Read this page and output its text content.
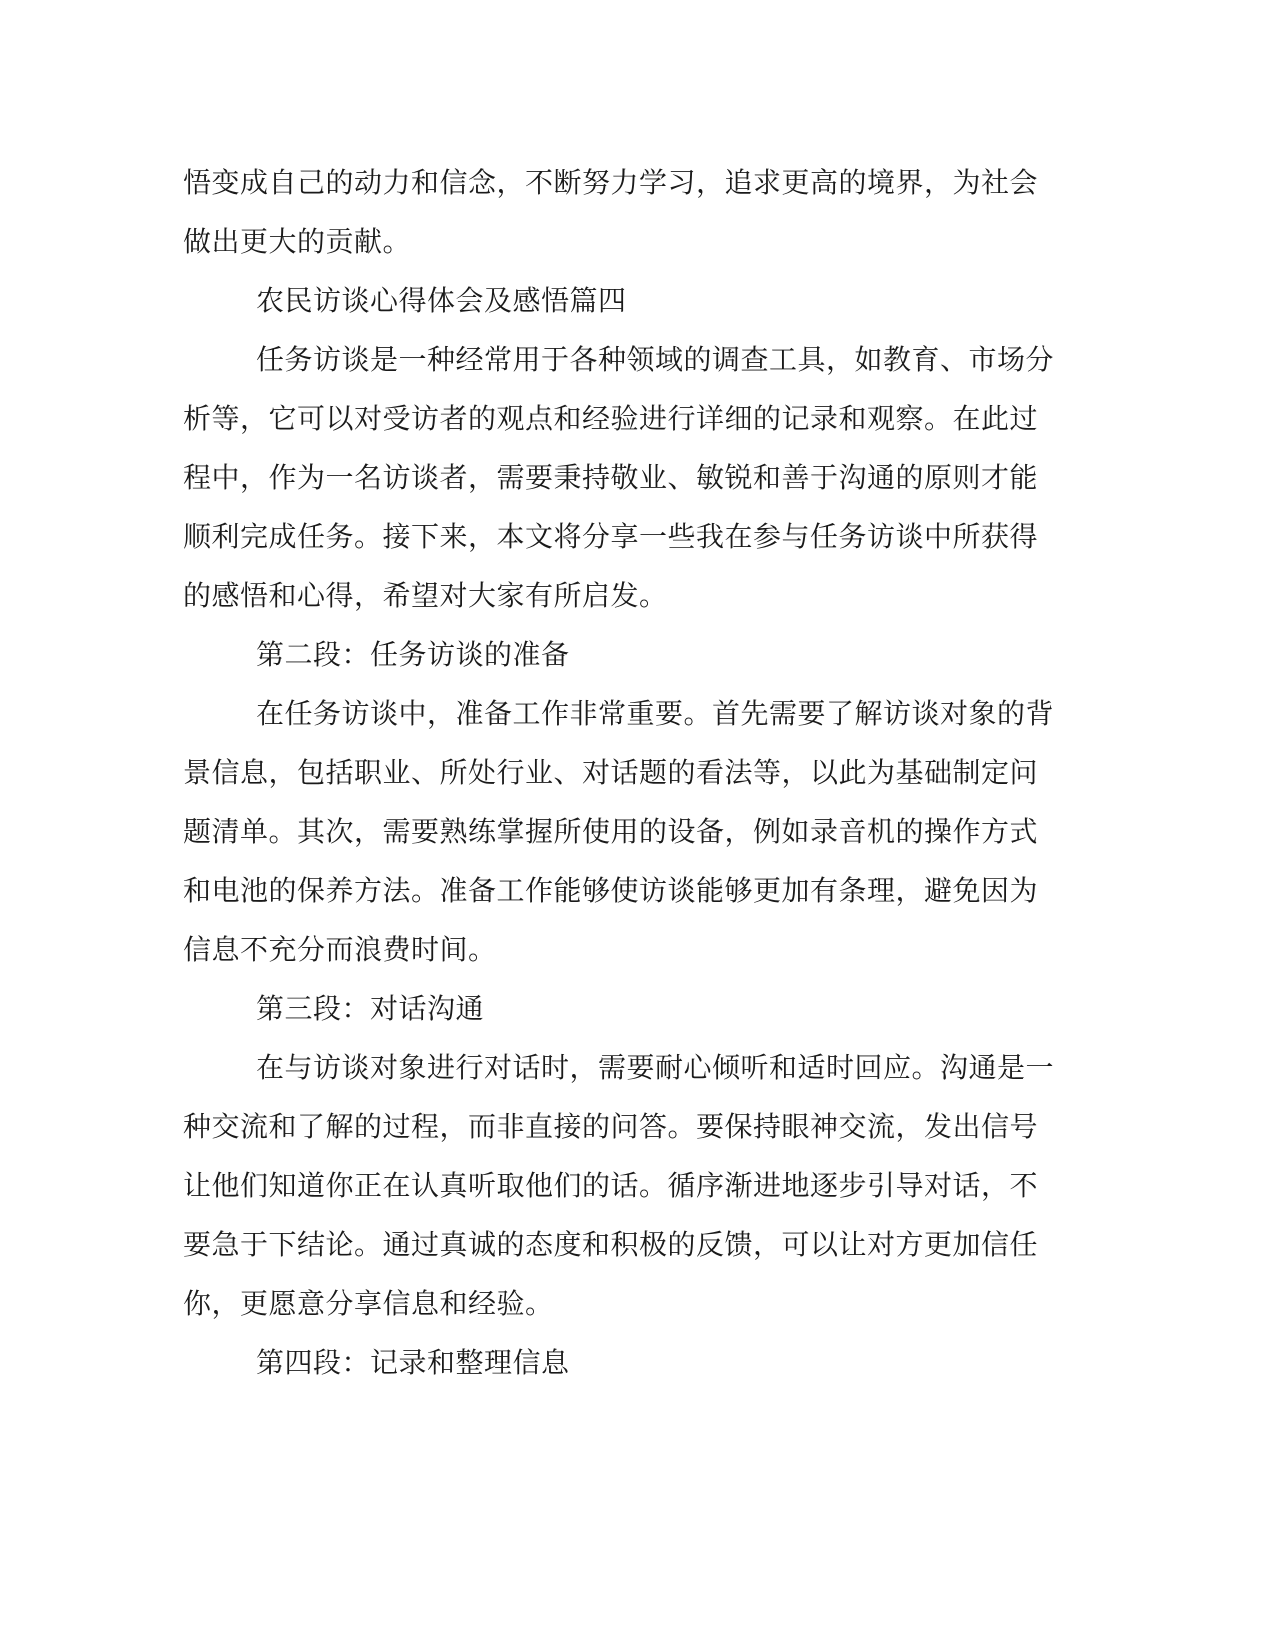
悟变成自己的动力和信念，不断努力学习，追求更高的境界，为社会
做出更大的贡献。
农民访谈心得体会及感悟篇四
任务访谈是一种经常用于各种领域的调查工具，如教育、市场分
析等，它可以对受访者的观点和经验进行详细的记录和观察。在此过
程中，作为一名访谈者，需要秉持敬业、敏锐和善于沟通的原则才能
顺利完成任务。接下来，本文将分享一些我在参与任务访谈中所获得
的感悟和心得，希望对大家有所启发。
第二段：任务访谈的准备
在任务访谈中，准备工作非常重要。首先需要了解访谈对象的背
景信息，包括职业、所处行业、对话题的看法等，以此为基础制定问
题清单。其次，需要熟练掌握所使用的设备，例如录音机的操作方式
和电池的保养方法。准备工作能够使访谈能够更加有条理，避免因为
信息不充分而浪费时间。
第三段：对话沟通
在与访谈对象进行对话时，需要耐心倾听和适时回应。沟通是一
种交流和了解的过程，而非直接的问答。要保持眼神交流，发出信号
让他们知道你正在认真听取他们的话。循序渐进地逐步引导对话，不
要急于下结论。通过真诚的态度和积极的反馈，可以让对方更加信任
你，更愿意分享信息和经验。
第四段：记录和整理信息
